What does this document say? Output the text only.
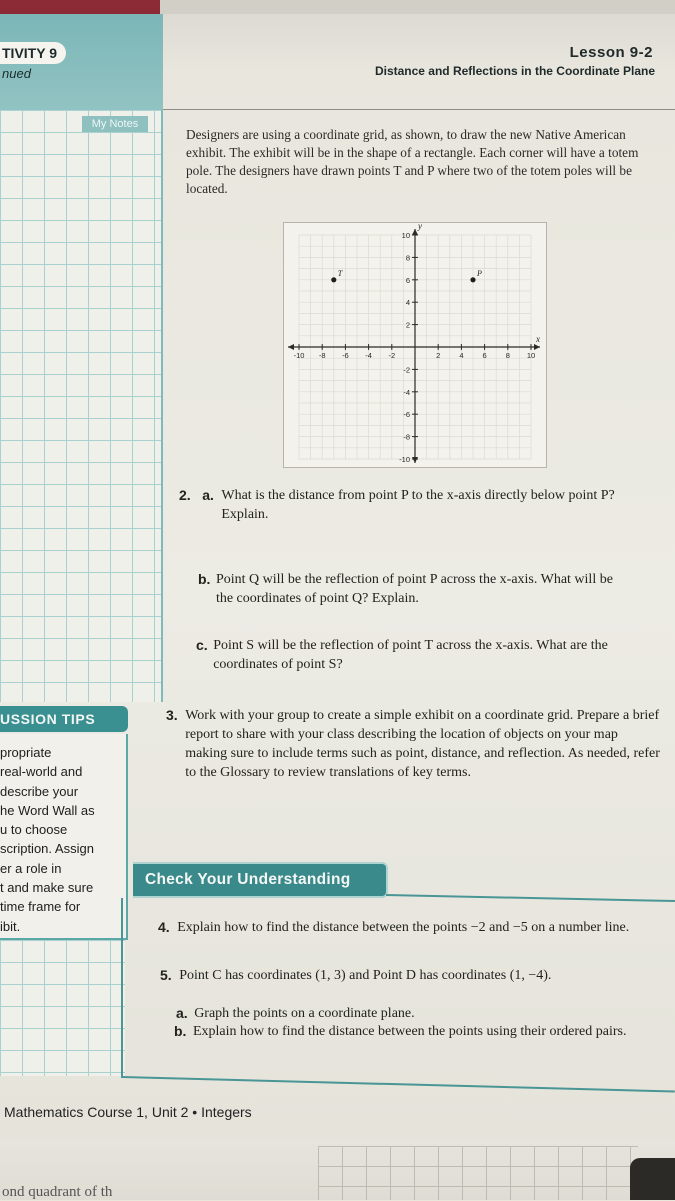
TIVITY 9
nued
Lesson 9-2
Distance and Reflections in the Coordinate Plane
My Notes
USSION TIPS
propriate
real-world and
describe your
he Word Wall as
u to choose
scription. Assign
er a role in
t and make sure
time frame for
ibit.
Designers are using a coordinate grid, as shown, to draw the new Native American exhibit. The exhibit will be in the shape of a rectangle. Each corner will have a totem pole. The designers have drawn points T and P where two of the totem poles will be located.
x
y
-10 -8 -6 -4 -2	2	4	6	8 10
10
8
6
4
2
-2
-4
-6
-8
-10
T	P
2. a. What is the distance from point P to the x-axis directly below point P? Explain.
b. Point Q will be the reflection of point P across the x-axis. What will be the coordinates of point Q? Explain.
c. Point S will be the reflection of point T across the x-axis. What are the coordinates of point S?
3. Work with your group to create a simple exhibit on a coordinate grid. Prepare a brief report to share with your class describing the location of objects on your map making sure to include terms such as point, distance, and reflection. As needed, refer to the Glossary to review translations of key terms.
Check Your Understanding
4. Explain how to find the distance between the points −2 and −5 on a number line.
5. Point C has coordinates (1, 3) and Point D has coordinates (1, −4).
a. Graph the points on a coordinate plane.
b. Explain how to find the distance between the points using their ordered pairs.
Mathematics Course 1, Unit 2 • Integers
ond quadrant of th
